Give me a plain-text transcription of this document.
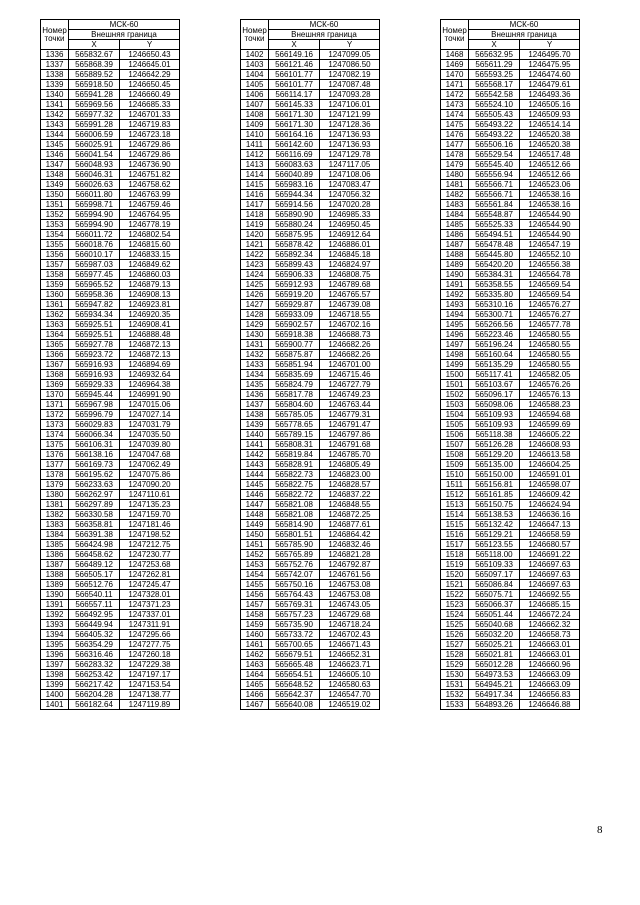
Номер точки	МСК-60	
	Внешняя граница	
	X	Y
1336	565832.67	1246650.43
1337	565868.39	1246645.01
1338	565889.52	1246642.29
1339	565918.50	1246650.45
1340	565941.28	1246660.49
1341	565969.56	1246685.33
1342	565977.32	1246701.33
1343	565991.28	1246719.83
1344	566006.59	1246723.18
1345	566025.91	1246729.86
1346	566041.54	1246729.86
1347	566048.93	1246736.90
1348	566046.31	1246751.82
1349	566026.63	1246758.62
1350	566011.80	1246763.99
1351	565998.71	1246759.46
1352	565994.90	1246764.95
1353	565994.90	1246778.19
1354	566011.72	1246802.54
1355	566018.76	1246815.60
1356	566010.17	1246833.15
1357	565987.03	1246849.62
1358	565977.45	1246860.03
1359	565965.52	1246879.13
1360	565958.36	1246908.13
1361	565947.82	1246923.81
1362	565934.34	1246920.35
1363	565925.51	1246908.41
1364	565925.51	1246888.48
1365	565927.78	1246872.13
1366	565923.72	1246872.13
1367	565916.93	1246894.69
1368	565916.93	1246932.64
1369	565929.33	1246964.38
1370	565945.44	1246991.90
1371	565967.98	1247015.06
1372	565996.79	1247027.14
1373	566029.83	1247031.79
1374	566066.34	1247035.50
1375	566106.31	1247039.80
1376	566138.16	1247047.68
1377	566169.73	1247062.49
1378	566195.62	1247075.86
1379	566233.63	1247090.20
1380	566262.97	1247110.61
1381	566297.89	1247135.23
1382	566330.58	1247159.70
1383	566358.81	1247181.46
1384	566391.38	1247198.52
1385	566424.98	1247212.75
1386	566458.62	1247230.77
1387	566489.12	1247253.68
1388	566505.17	1247262.81
1389	566512.76	1247245.47
1390	566540.11	1247328.01
1391	566557.11	1247371.23
1392	566492.95	1247337.01
1393	566449.94	1247311.91
1394	566405.32	1247295.66
1395	566354.29	1247277.75
1396	566316.46	1247260.18
1397	566283.32	1247229.38
1398	566253.42	1247197.17
1399	566217.42	1247153.54
1400	566204.28	1247138.77
1401	566182.64	1247119.89
Номер точки	МСК-60	
	Внешняя граница	
	X	Y
1402	566149.16	1247099.05
1403	566121.46	1247086.50
1404	566101.77	1247082.19
1405	566101.77	1247087.48
1406	566114.17	1247093.28
1407	566145.33	1247106.01
1408	566171.30	1247121.99
1409	566171.30	1247128.36
1410	566164.16	1247136.93
1411	566142.60	1247136.93
1412	566116.69	1247129.78
1413	566083.63	1247117.05
1414	566040.89	1247108.06
1415	565983.16	1247083.47
1416	565944.34	1247056.32
1417	565914.56	1247020.28
1418	565890.90	1246985.33
1419	565880.24	1246950.45
1420	565875.95	1246912.64
1421	565878.42	1246886.01
1422	565892.34	1246845.18
1423	565899.43	1246824.97
1424	565906.33	1246808.75
1425	565912.93	1246789.68
1426	565919.20	1246765.57
1427	565929.87	1246739.08
1428	565933.09	1246718.55
1429	565902.57	1246702.16
1430	565918.38	1246688.73
1431	565900.77	1246682.26
1432	565875.87	1246682.26
1433	565851.94	1246701.00
1434	565835.69	1246715.46
1435	565824.79	1246727.79
1436	565817.78	1246749.23
1437	565804.60	1246763.44
1438	565785.05	1246779.31
1439	565778.65	1246791.47
1440	565789.15	1246797.86
1441	565808.31	1246791.68
1442	565819.84	1246785.70
1443	565828.91	1246805.49
1444	565822.73	1246823.00
1445	565822.75	1246828.57
1446	565822.72	1246837.22
1447	565821.08	1246848.55
1448	565821.08	1246872.25
1449	565814.90	1246877.61
1450	565801.51	1246864.42
1451	565785.90	1246832.46
1452	565765.89	1246821.28
1453	565752.76	1246792.87
1454	565742.07	1246761.56
1455	565750.16	1246753.08
1456	565764.43	1246753.08
1457	565769.31	1246743.05
1458	565757.23	1246729.68
1459	565735.90	1246718.24
1460	565733.72	1246702.43
1461	565700.65	1246671.43
1462	565679.51	1246652.31
1463	565665.48	1246623.71
1464	565654.51	1246605.10
1465	565648.52	1246580.63
1466	565642.37	1246547.70
1467	565640.08	1246519.02
Номер точки	МСК-60	
	Внешняя граница	
	X	Y
1468	565632.95	1246495.70
1469	565611.29	1246475.95
1470	565593.25	1246474.60
1471	565568.17	1246479.61
1472	565542.58	1246493.36
1473	565524.10	1246505.16
1474	565505.43	1246509.93
1475	565493.22	1246514.14
1476	565493.22	1246520.38
1477	565506.16	1246520.38
1478	565529.54	1246517.48
1479	565545.40	1246512.66
1480	565556.94	1246512.66
1481	565566.71	1246523.06
1482	565566.71	1246538.16
1483	565561.84	1246538.16
1484	565548.87	1246544.90
1485	565525.33	1246544.90
1486	565494.51	1246544.90
1487	565478.48	1246547.19
1488	565445.80	1246552.10
1489	565420.20	1246556.38
1490	565384.31	1246564.78
1491	565358.55	1246569.54
1492	565335.80	1246569.54
1493	565310.16	1246576.27
1494	565300.71	1246576.27
1495	565266.56	1246577.78
1496	565223.46	1246580.55
1497	565196.24	1246580.55
1498	565160.64	1246580.55
1499	565135.29	1246580.55
1500	565117.41	1246582.05
1501	565103.67	1246576.26
1502	565096.17	1246576.13
1503	565098.06	1246588.23
1504	565109.93	1246594.68
1505	565109.93	1246599.69
1506	565118.38	1246605.22
1507	565126.28	1246608.93
1508	565129.20	1246613.58
1509	565135.00	1246604.25
1510	565150.00	1246591.01
1511	565156.81	1246598.07
1512	565161.85	1246609.42
1513	565150.75	1246624.94
1514	565138.53	1246636.16
1515	565132.42	1246647.13
1516	565129.21	1246658.59
1517	565123.55	1246680.57
1518	565118.00	1246691.22
1519	565109.33	1246697.63
1520	565097.17	1246697.63
1521	565086.84	1246697.63
1522	565075.71	1246692.55
1523	565066.37	1246685.15
1524	565051.44	1246672.24
1525	565040.68	1246662.32
1526	565032.20	1246658.73
1527	565025.21	1246663.01
1528	565021.81	1246663.01
1529	565012.28	1246660.96
1530	564973.53	1246663.09
1531	564945.21	1246663.09
1532	564917.34	1246656.83
1533	564893.26	1246646.88
8
